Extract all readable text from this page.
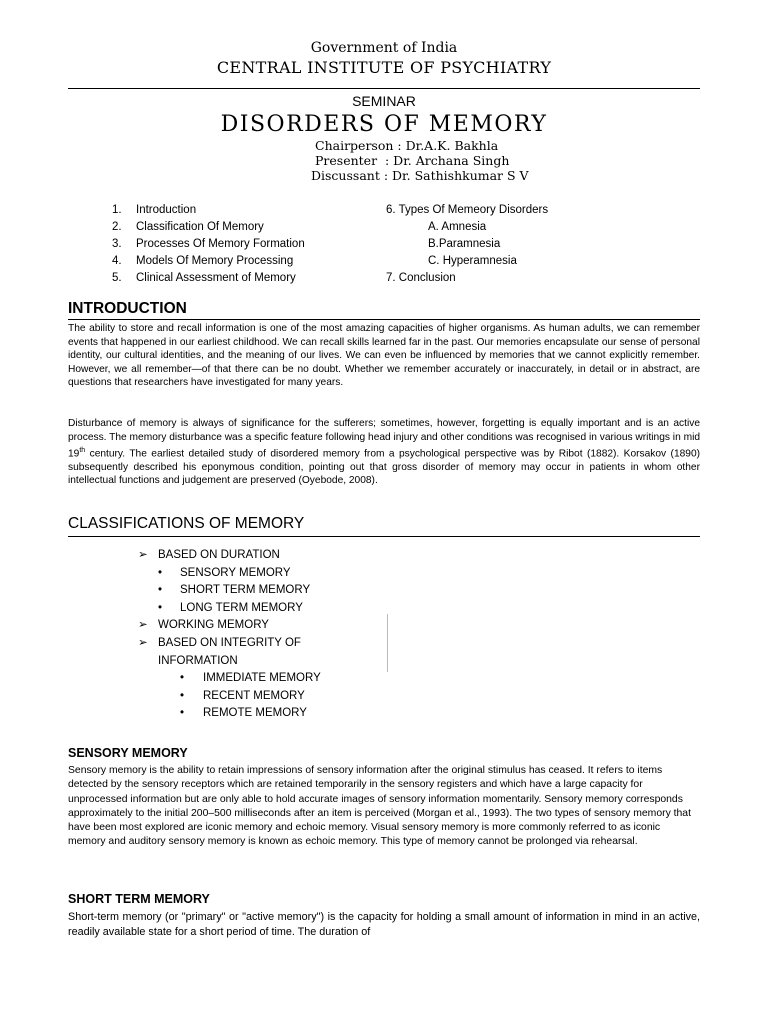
Government of India
CENTRAL INSTITUTE OF PSYCHIATRY
SEMINAR
DISORDERS OF MEMORY
Chairperson : Dr.A.K. Bakhla
Presenter  : Dr. Archana Singh
Discussant : Dr. Sathishkumar S V
1. Introduction
2. Classification Of Memory
3. Processes Of Memory Formation
4. Models Of Memory Processing
5. Clinical Assessment of Memory
6. Types Of Memeory Disorders
A. Amnesia
B.Paramnesia
C. Hyperamnesia
7. Conclusion
INTRODUCTION
The ability to store and recall information is one of the most amazing capacities of higher organisms. As human adults, we can remember events that happened in our earliest childhood. We can recall skills learned far in the past. Our memories encapsulate our sense of personal identity, our cultural identities, and the meaning of our lives. We can even be influenced by memories that we cannot explicitly remember. However, we all remember—of that there can be no doubt. Whether we remember accurately or inaccurately, in detail or in abstract, are questions that researchers have investigated for many years.
Disturbance of memory is always of significance for the sufferers; sometimes, however, forgetting is equally important and is an active process. The memory disturbance was a specific feature following head injury and other conditions was recognised in various writings in mid 19th century. The earliest detailed study of disordered memory from a psychological perspective was by Ribot (1882). Korsakov (1890) subsequently described his eponymous condition, pointing out that gross disorder of memory may occur in patients in whom other intellectual functions and judgement are preserved (Oyebode, 2008).
CLASSIFICATIONS OF MEMORY
➢ BASED ON DURATION
• SENSORY MEMORY
• SHORT TERM MEMORY
• LONG TERM MEMORY
➢ WORKING MEMORY
➢ BASED ON INTEGRITY OF
INFORMATION
• IMMEDIATE MEMORY
• RECENT MEMORY
• REMOTE MEMORY
SENSORY MEMORY
Sensory memory is the ability to retain impressions of sensory information after the original stimulus has ceased. It refers to items detected by the sensory receptors which are retained temporarily in the sensory registers and which have a large capacity for unprocessed information but are only able to hold accurate images of sensory information momentarily. Sensory memory corresponds approximately to the initial 200–500 milliseconds after an item is perceived (Morgan et al., 1993). The two types of sensory memory that have been most explored are iconic memory and echoic memory. Visual sensory memory is more commonly referred to as iconic memory and auditory sensory memory is known as echoic memory. This type of memory cannot be prolonged via rehearsal.
SHORT TERM MEMORY
Short-term memory (or "primary" or "active memory") is the capacity for holding a small amount of information in mind in an active, readily available state for a short period of time. The duration of
